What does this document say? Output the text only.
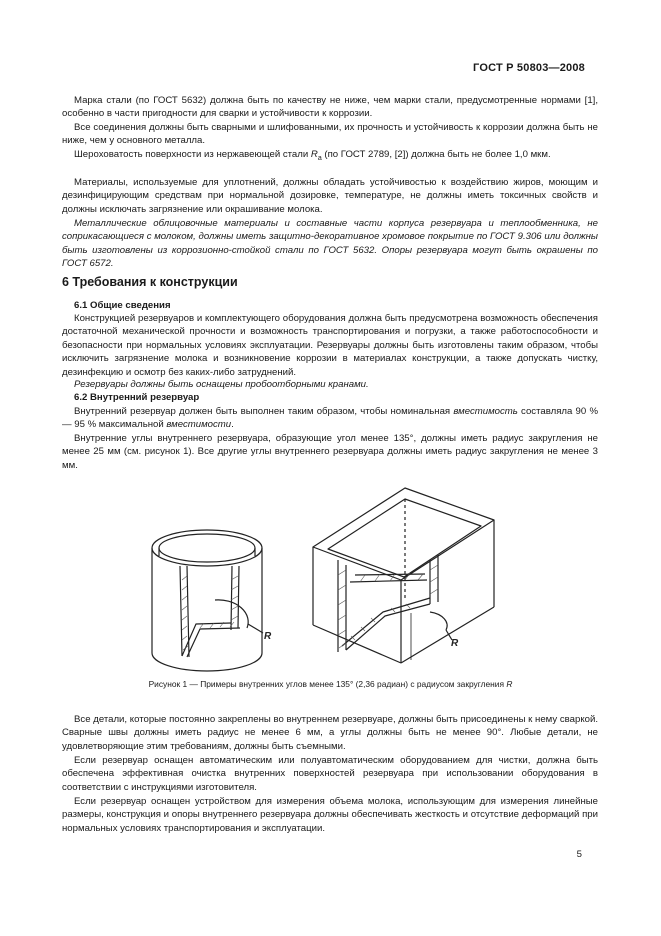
ГОСТ Р 50803—2008

Марка стали (по ГОСТ 5632) должна быть по качеству не ниже, чем марки стали, предусмотренные нормами [1], особенно в части пригодности для сварки и устойчивости к коррозии.

Все соединения должны быть сварными и шлифованными, их прочность и устойчивость к коррозии должна быть не ниже, чем у основного металла.

Шероховатость поверхности из нержавеющей стали $R_a$ (по ГОСТ 2789, [2]) должна быть не более 1,0 мкм.

Материалы, используемые для уплотнений, должны обладать устойчивостью к воздействию жиров, моющим и дезинфицирующим средствам при нормальной дозировке, температуре, не должны иметь токсичных свойств и должны исключать загрязнение или окрашивание молока.

Металлические облицовочные материалы и составные части корпуса резервуара и теплообменника, не соприкасающиеся с молоком, должны иметь защитно-декоративное хромовое покрытие по ГОСТ 9.306 или должны быть изготовлены из коррозионно-стойкой стали по ГОСТ 5632. Опоры резервуара могут быть окрашены по ГОСТ 6572.

6 Требования к конструкции
6.1 Общие сведения

Конструкцией резервуаров и комплектующего оборудования должна быть предусмотрена возможность обеспечения достаточной механической прочности и возможность транспортирования и погрузки, а также работоспособности и безопасности при нормальных условиях эксплуатации. Резервуары должны быть изготовлены таким образом, чтобы исключить загрязнение молока и возникновение коррозии в материалах конструкции, а также допускать чистку, дезинфекцию и осмотр без каких-либо затруднений.

Резервуары должны быть оснащены пробоотборными кранами.

6.2 Внутренний резервуар

Внутренний резервуар должен быть выполнен таким образом, чтобы номинальная вместимость составляла 90 % — 95 % максимальной вместимости.

Внутренние углы внутреннего резервуара, образующие угол менее 135°, должны иметь радиус закругления не менее 25 мм (см. рисунок 1). Все другие углы внутреннего резервуара должны иметь радиус закругления не менее 3 мм.

R
R
Рисунок 1 — Примеры внутренних углов менее 135° (2,36 радиан) с радиусом закругления R

Все детали, которые постоянно закреплены во внутреннем резервуаре, должны быть присоединены к нему сваркой. Сварные швы должны иметь радиус не менее 6 мм, а углы должны быть не менее 90°. Любые детали, не удовлетворяющие этим требованиям, должны быть съемными.

Если резервуар оснащен автоматическим или полуавтоматическим оборудованием для чистки, должна быть обеспечена эффективная очистка внутренних поверхностей резервуара при использовании оборудования в соответствии с инструкциями изготовителя.

Если резервуар оснащен устройством для измерения объема молока, использующим для измерения линейные размеры, конструкция и опоры внутреннего резервуара должны обеспечивать жесткость и отсутствие деформаций при нормальных условиях транспортирования и эксплуатации.

5
